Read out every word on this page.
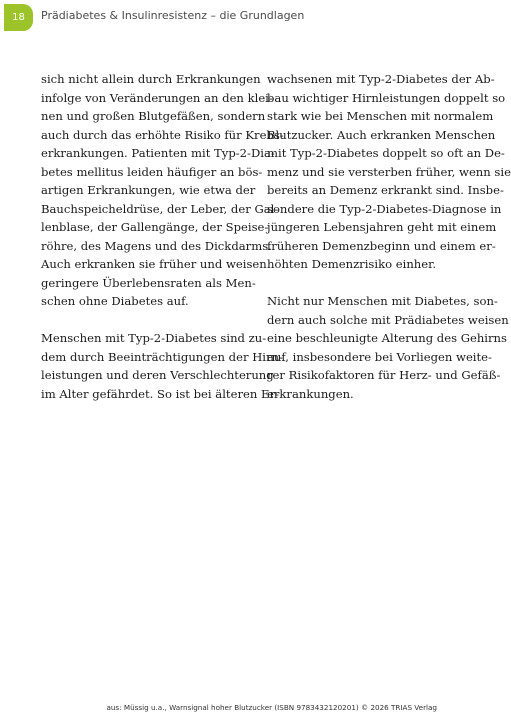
18	Prädiabetes & Insulinresistenz – die Grundlagen

sich nicht allein durch Erkrankungen
infolge von Veränderungen an den klei-
nen und großen Blutgefäßen, sondern
auch durch das erhöhte Risiko für Krebs-
erkrankungen. Patienten mit Typ-2-Dia-
betes mellitus leiden häufiger an bös-
artigen Erkrankungen, wie etwa der
Bauchspeicheldrüse, der Leber, der Gal-
lenblase, der Gallengänge, der Speise-
röhre, des Magens und des Dickdarms.
Auch erkranken sie früher und weisen
geringere Überlebensraten als Men-
schen ohne Diabetes auf.

Menschen mit Typ-2-Diabetes sind zu-
dem durch Beeinträchtigungen der Hirn-
leistungen und deren Verschlechterung
im Alter gefährdet. So ist bei älteren Er-

wachsenen mit Typ-2-Diabetes der Ab-
bau wichtiger Hirnleistungen doppelt so
stark wie bei Menschen mit normalem
Blutzucker. Auch erkranken Menschen
mit Typ-2-Diabetes doppelt so oft an De-
menz und sie versterben früher, wenn sie
bereits an Demenz erkrankt sind. Insbe-
sondere die Typ-2-Diabetes-Diagnose in
jüngeren Lebensjahren geht mit einem
früheren Demenzbeginn und einem er-
höhten Demenzrisiko einher.

Nicht nur Menschen mit Diabetes, son-
dern auch solche mit Prädiabetes weisen
eine beschleunigte Alterung des Gehirns
auf, insbesondere bei Vorliegen weite-
rer Risikofaktoren für Herz- und Gefäß-
erkrankungen.

aus: Müssig u.a., Warnsignal hoher Blutzucker (ISBN 9783432120201) © 2026 TRIAS Verlag
